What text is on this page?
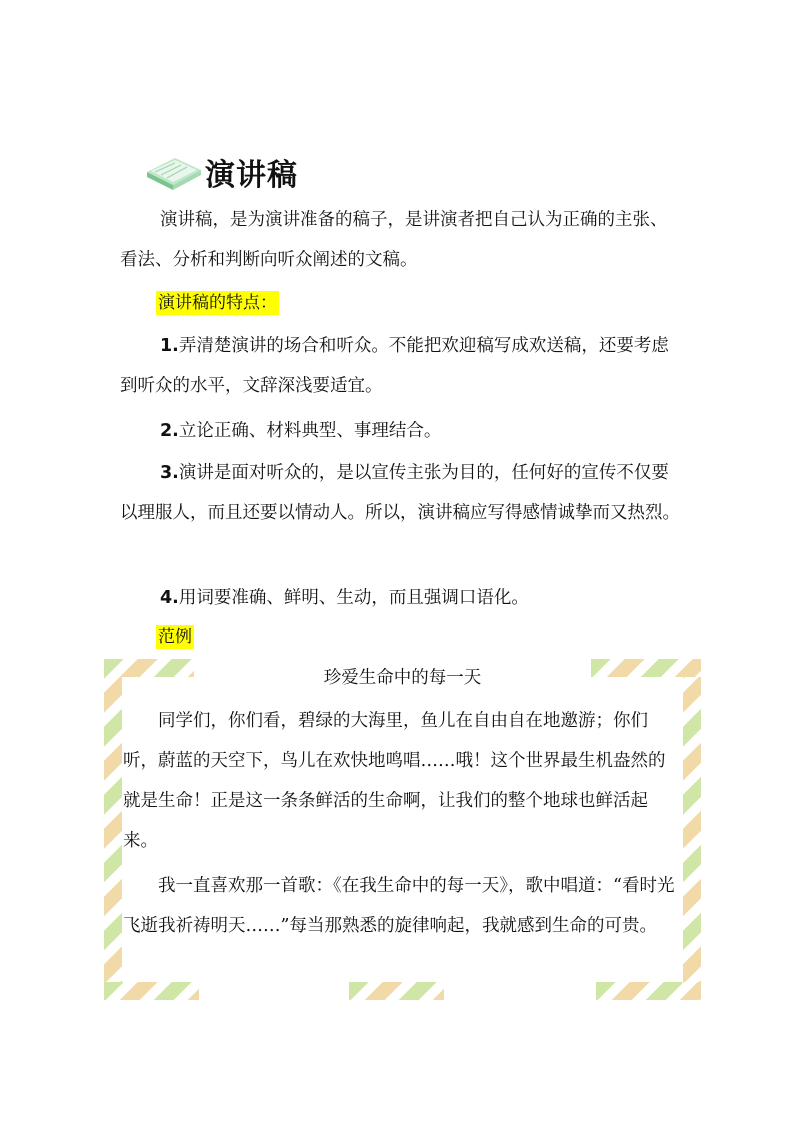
演讲稿
演讲稿，是为演讲准备的稿子，是讲演者把自己认为正确的主张、看法、分析和判断向听众阐述的文稿。
演讲稿的特点：
1.弄清楚演讲的场合和听众。不能把欢迎稿写成欢送稿，还要考虑到听众的水平，文辞深浅要适宜。
2.立论正确、材料典型、事理结合。
3.演讲是面对听众的，是以宣传主张为目的，任何好的宣传不仅要以理服人，而且还要以情动人。所以，演讲稿应写得感情诚挚而又热烈。
4.用词要准确、鲜明、生动，而且强调口语化。
范例
珍爱生命中的每一天
同学们，你们看，碧绿的大海里，鱼儿在自由自在地邀游；你们听，蔚蓝的天空下，鸟儿在欢快地鸣唱……哦！这个世界最生机盎然的就是生命！正是这一条条鲜活的生命啊，让我们的整个地球也鲜活起来。
我一直喜欢那一首歌：《在我生命中的每一天》，歌中唱道：“看时光飞逝我祈祷明天……”每当那熟悉的旋律响起，我就感到生命的可贵。
